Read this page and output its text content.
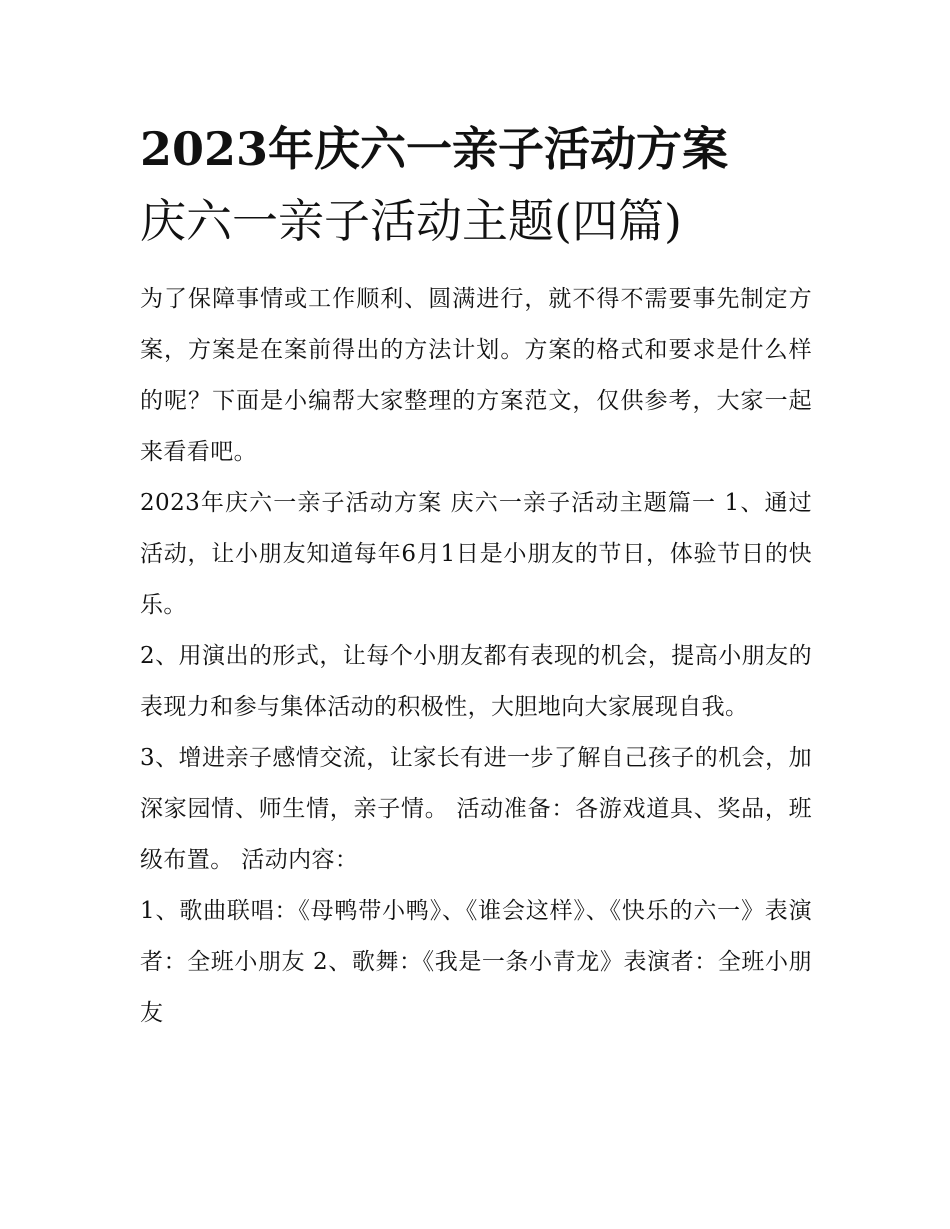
2023年庆六一亲子活动方案
庆六一亲子活动主题(四篇)

为了保障事情或工作顺利、圆满进行，就不得不需要事先制定方案，方案是在案前得出的方法计划。方案的格式和要求是什么样的呢？下面是小编帮大家整理的方案范文，仅供参考，大家一起来看看吧。

2023年庆六一亲子活动方案 庆六一亲子活动主题篇一 1、通过活动，让小朋友知道每年6月1日是小朋友的节日，体验节日的快乐。

2、用演出的形式，让每个小朋友都有表现的机会，提高小朋友的表现力和参与集体活动的积极性，大胆地向大家展现自我。

3、增进亲子感情交流，让家长有进一步了解自己孩子的机会，加深家园情、师生情，亲子情。 活动准备：各游戏道具、奖品，班级布置。 活动内容：

1、歌曲联唱：《母鸭带小鸭》、《谁会这样》、《快乐的六一》表演者：全班小朋友 2、歌舞：《我是一条小青龙》表演者：全班小朋友
